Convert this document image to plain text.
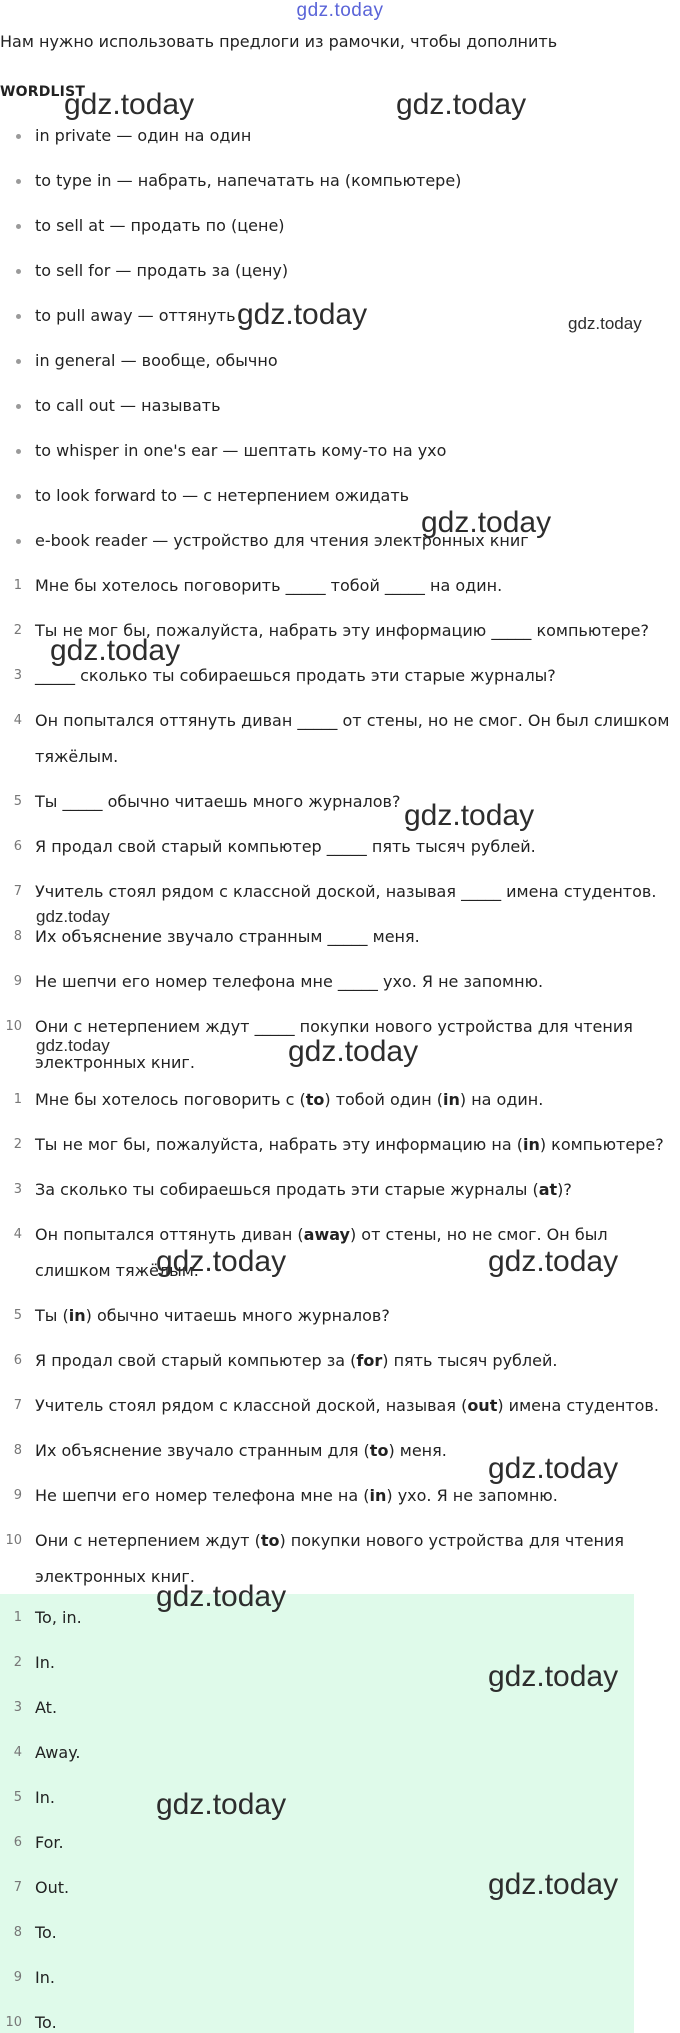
gdz.today
Нам нужно использовать предлоги из рамочки, чтобы дополнить
WORDLIST
in private — один на один
to type in — набрать, напечатать на (компьютере)
to sell at — продать по (цене)
to sell for — продать за (цену)
to pull away — оттянуть
in general — вообще, обычно
to call out — называть
to whisper in one's ear — шептать кому-то на ухо
to look forward to — с нетерпением ожидать
e-book reader — устройство для чтения электронных книг
1 Мне бы хотелось поговорить _____ тобой _____ на один.
2 Ты не мог бы, пожалуйста, набрать эту информацию _____ компьютере?
3 _____ сколько ты собираешься продать эти старые журналы?
4 Он попытался оттянуть диван _____ от стены, но не смог. Он был слишком тяжёлым.
5 Ты _____ обычно читаешь много журналов?
6 Я продал свой старый компьютер _____ пять тысяч рублей.
7 Учитель стоял рядом с классной доской, называя _____ имена студентов.
8 Их объяснение звучало странным _____ меня.
9 Не шепчи его номер телефона мне _____ ухо. Я не запомню.
10 Они с нетерпением ждут _____ покупки нового устройства для чтения электронных книг.
1 Мне бы хотелось поговорить с (to) тобой один (in) на один.
2 Ты не мог бы, пожалуйста, набрать эту информацию на (in) компьютере?
3 За сколько ты собираешься продать эти старые журналы (at)?
4 Он попытался оттянуть диван (away) от стены, но не смог. Он был слишком тяжёлым.
5 Ты (in) обычно читаешь много журналов?
6 Я продал свой старый компьютер за (for) пять тысяч рублей.
7 Учитель стоял рядом с классной доской, называя (out) имена студентов.
8 Их объяснение звучало странным для (to) меня.
9 Не шепчи его номер телефона мне на (in) ухо. Я не запомню.
10 Они с нетерпением ждут (to) покупки нового устройства для чтения электронных книг.
1 To, in.
2 In.
3 At.
4 Away.
5 In.
6 For.
7 Out.
8 To.
9 In.
10 To.
gdz.today	gdz.today
gdz.today	gdz.today
gdz.today
gdz.today
gdz.today
gdz.today
gdz.today	gdz.today
gdz.today	gdz.today
gdz.today
gdz.today
gdz.today
gdz.today
gdz.today
